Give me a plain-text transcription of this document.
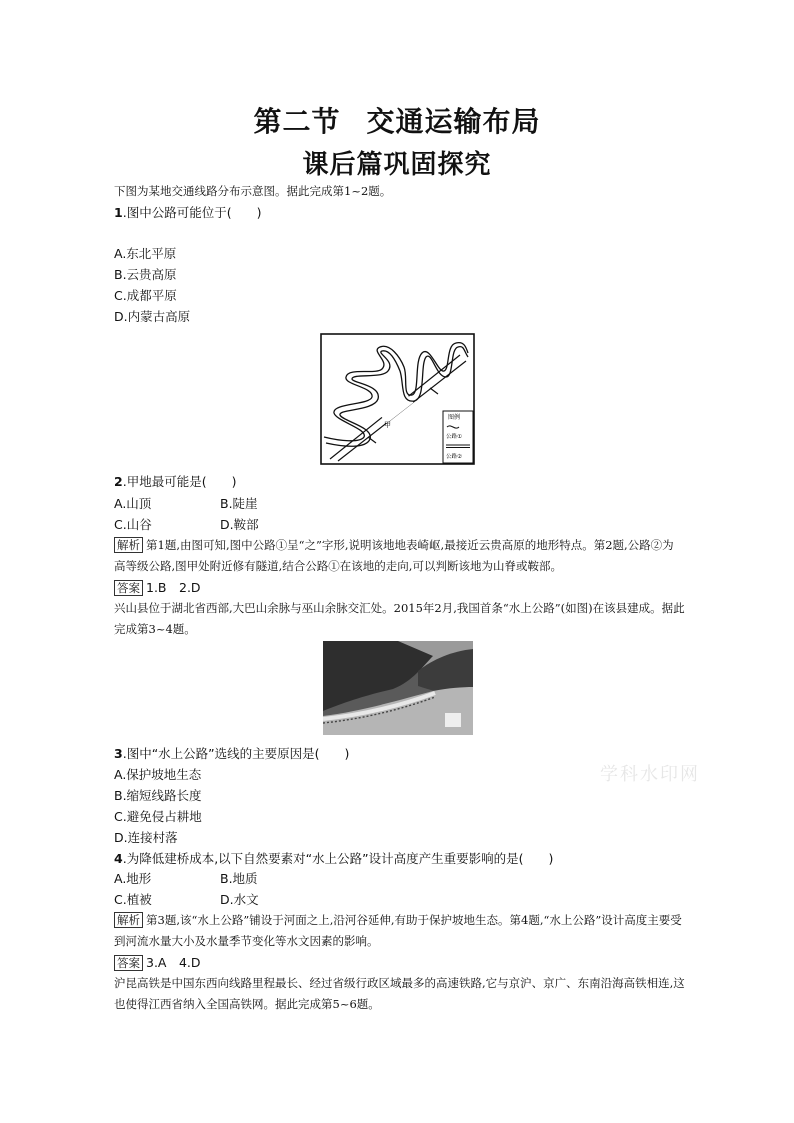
第二节 交通运输布局
课后篇巩固探究
下图为某地交通线路分布示意图。据此完成第1~2题。
1.图中公路可能位于(　　)
A.东北平原
B.云贵高原
C.成都平原
D.内蒙古高原
甲
图例
公路①
公路②
2.甲地最可能是(　　)
A.山顶	B.陡崖
C.山谷	D.鞍部
解析 第1题,由图可知,图中公路①呈“之”字形,说明该地地表崎岖,最接近云贵高原的地形特点。第2题,公路②为高等级公路,图甲处附近修有隧道,结合公路①在该地的走向,可以判断该地为山脊或鞍部。
答案 1.B　2.D
兴山县位于湖北省西部,大巴山余脉与巫山余脉交汇处。2015年2月,我国首条“水上公路”(如图)在该县建成。据此完成第3~4题。
3.图中“水上公路”选线的主要原因是(　　)
A.保护坡地生态
B.缩短线路长度
C.避免侵占耕地
D.连接村落
4.为降低建桥成本,以下自然要素对“水上公路”设计高度产生重要影响的是(　　)
A.地形	B.地质
C.植被	D.水文
解析 第3题,该“水上公路”铺设于河面之上,沿河谷延伸,有助于保护坡地生态。第4题,“水上公路”设计高度主要受到河流水量大小及水量季节变化等水文因素的影响。
答案 3.A　4.D
沪昆高铁是中国东西向线路里程最长、经过省级行政区域最多的高速铁路,它与京沪、京广、东南沿海高铁相连,这也使得江西省纳入全国高铁网。据此完成第5~6题。
学科水印网
